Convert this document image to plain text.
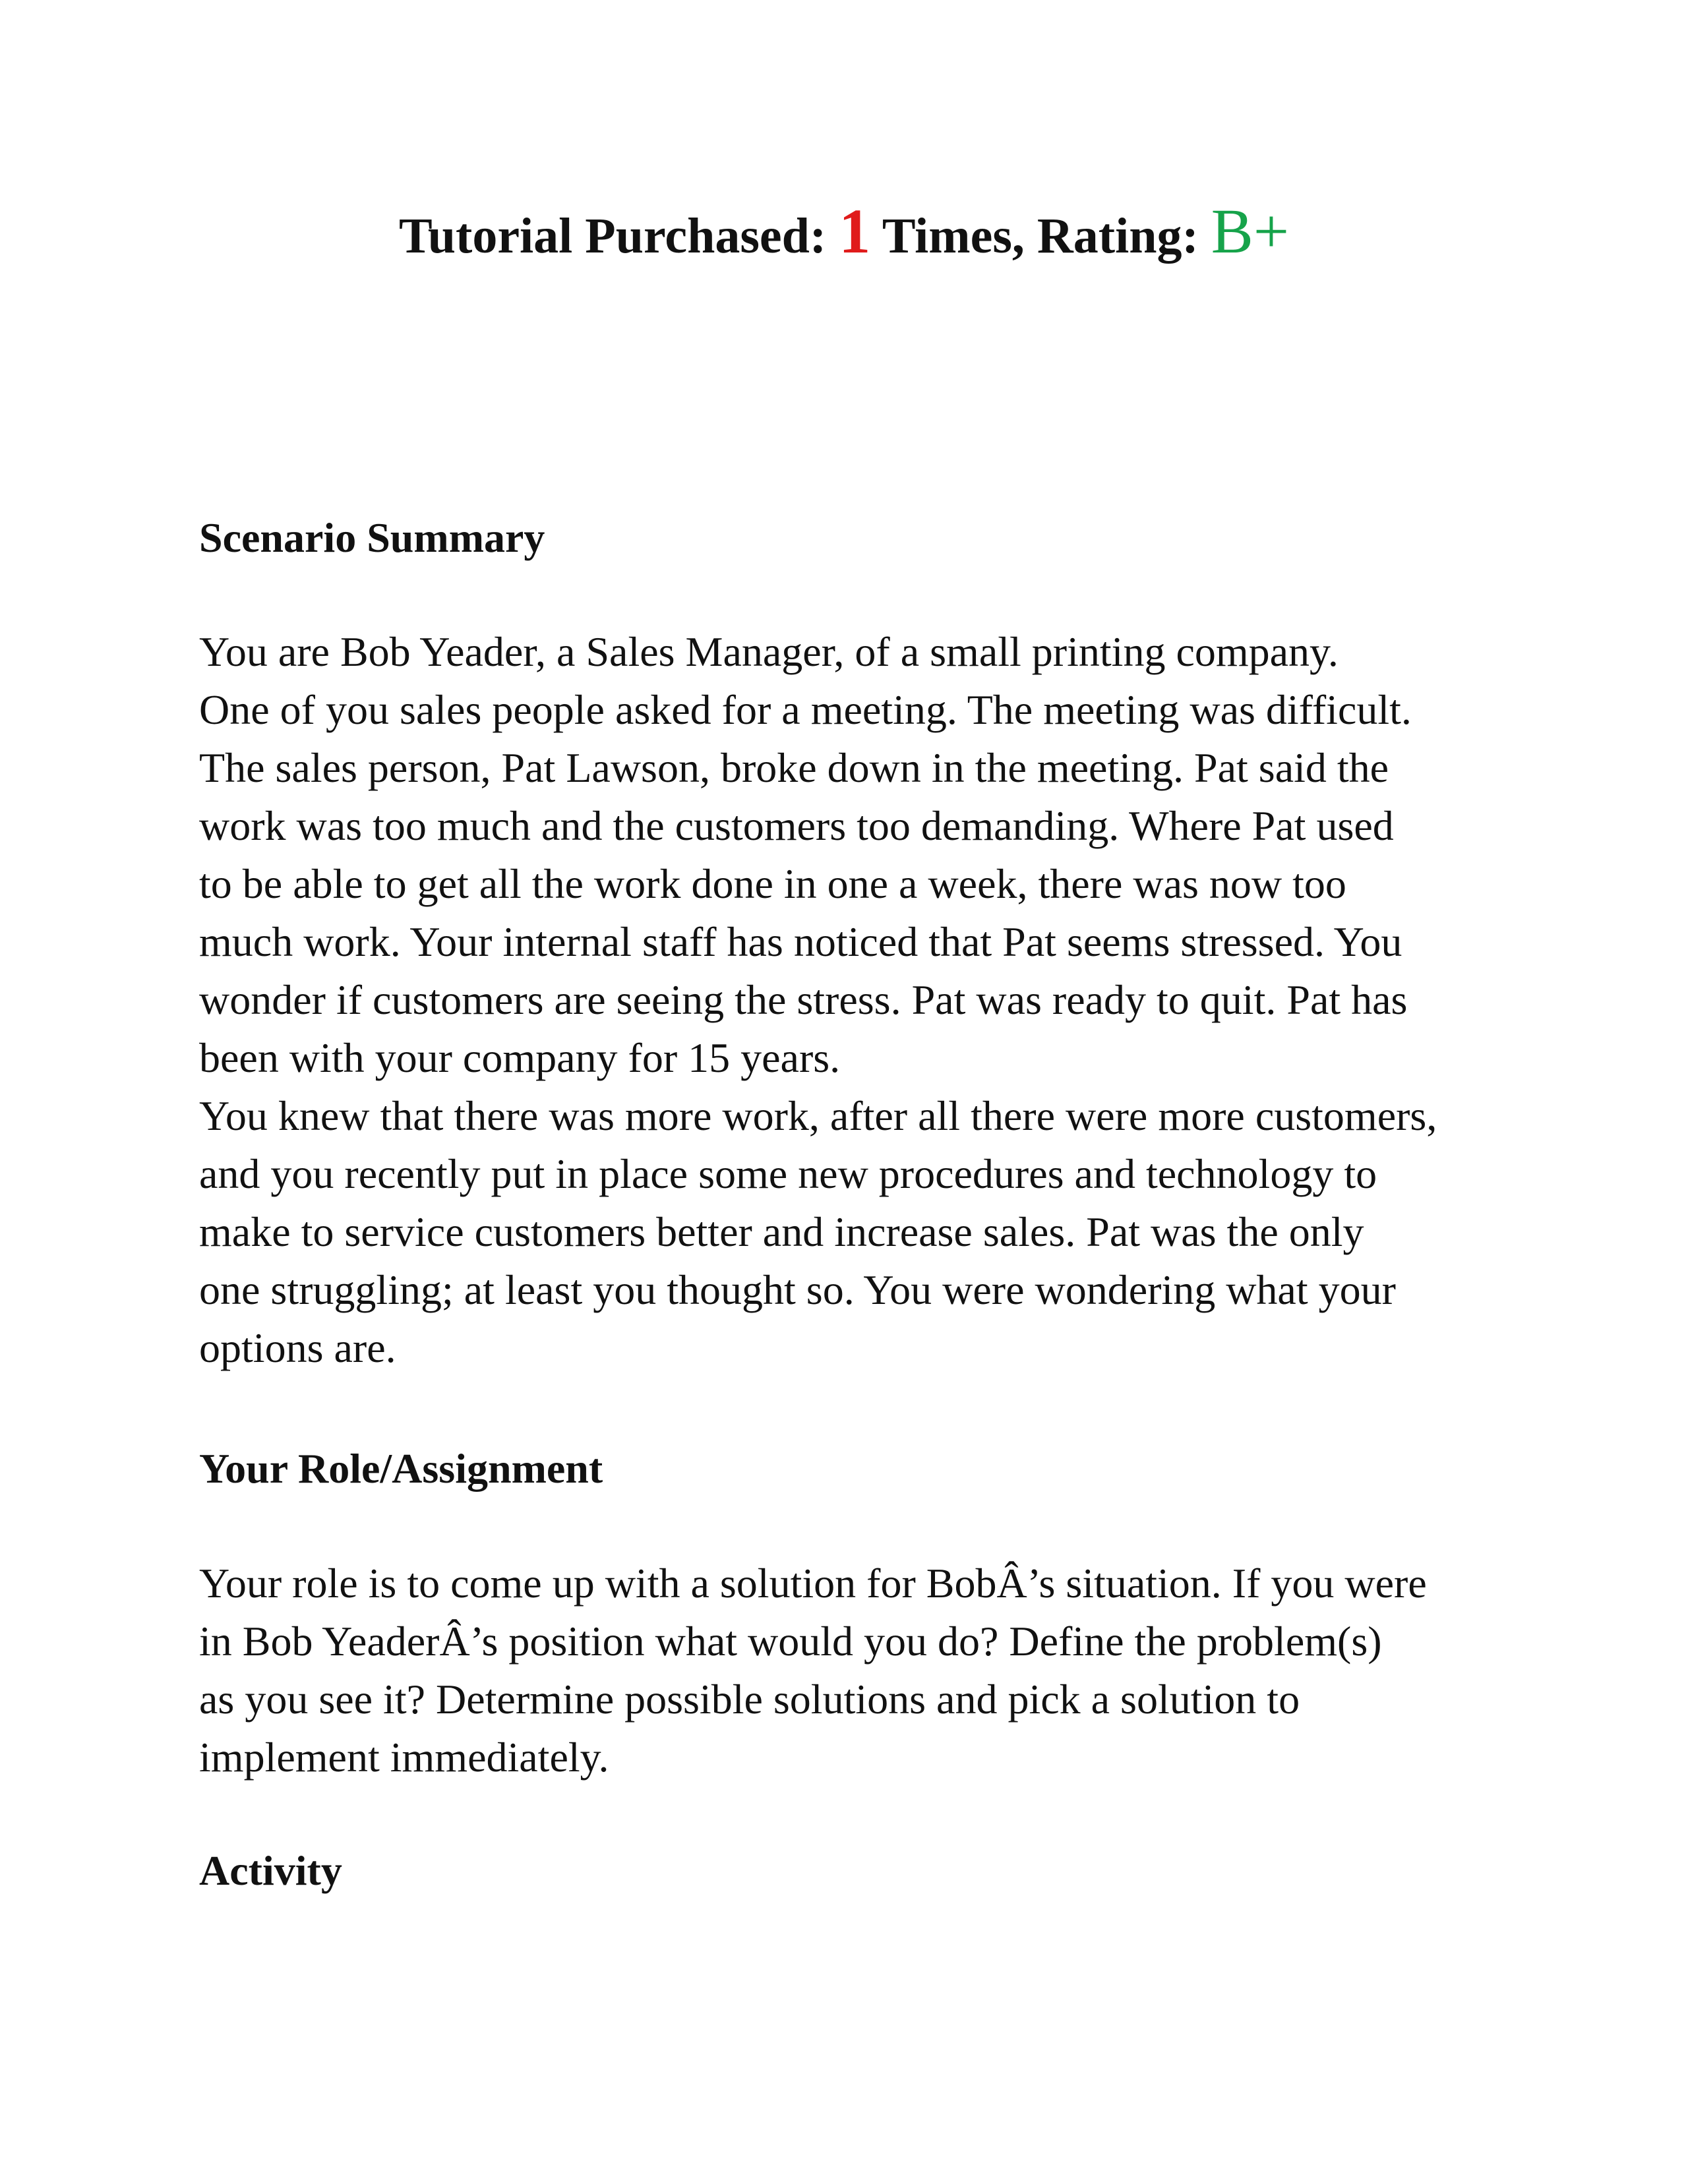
Tutorial Purchased: 1 Times, Rating: B+
Scenario Summary
You are Bob Yeader, a Sales Manager, of a small printing company.
One of you sales people asked for a meeting. The meeting was difficult.
The sales person, Pat Lawson, broke down in the meeting. Pat said the
work was too much and the customers too demanding. Where Pat used
to be able to get all the work done in one a week, there was now too
much work. Your internal staff has noticed that Pat seems stressed. You
wonder if customers are seeing the stress. Pat was ready to quit. Pat has
been with your company for 15 years.
You knew that there was more work, after all there were more customers,
and you recently put in place some new procedures and technology to
make to service customers better and increase sales. Pat was the only
one struggling; at least you thought so. You were wondering what your
options are.
Your Role/Assignment
Your role is to come up with a solution for BobÂ’s situation. If you were
in Bob YeaderÂ’s position what would you do? Define the problem(s)
as you see it? Determine possible solutions and pick a solution to
implement immediately.
Activity
